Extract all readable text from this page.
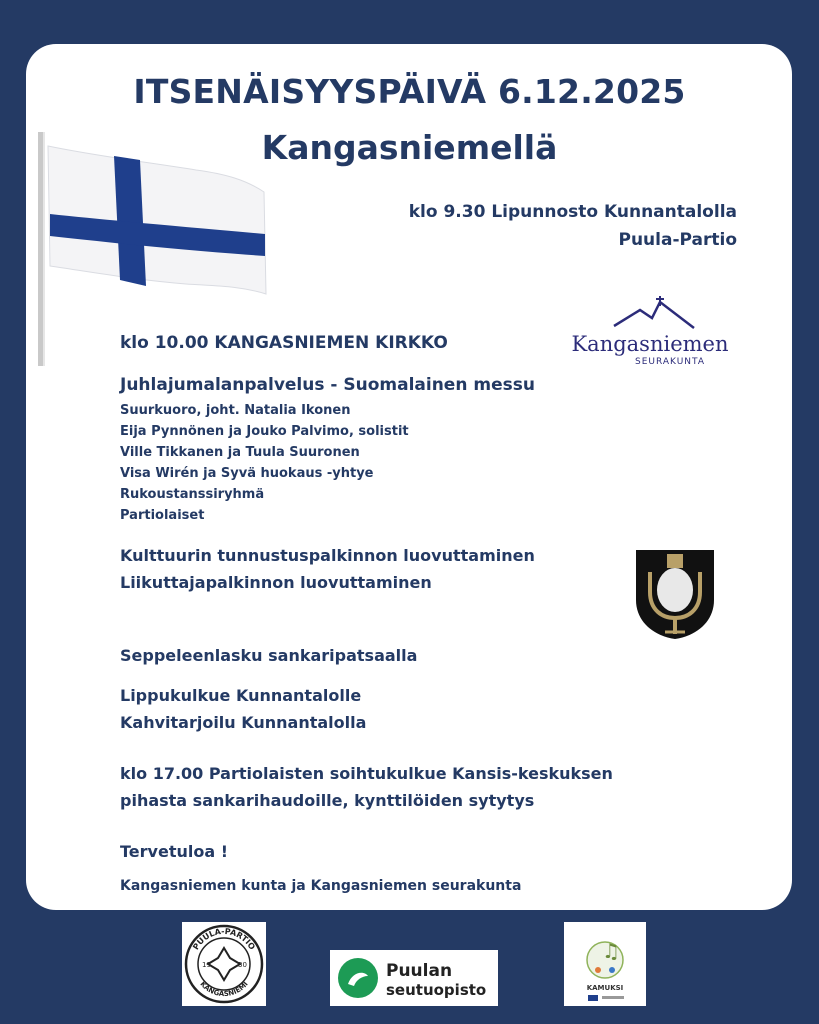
ITSENÄISYYSPÄIVÄ 6.12.2025
Kangasniemellä
klo 9.30 Lipunnosto Kunnantalolla
Puula-Partio
klo 10.00 KANGASNIEMEN KIRKKO	Kangasniemen
SEURAKUNTA
Juhlajumalanpalvelus - Suomalainen messu
Suurkuoro, joht. Natalia Ikonen
Eija Pynnönen ja Jouko Palvimo, solistit
Ville Tikkanen ja Tuula Suuronen
Visa Wirén ja Syvä huokaus -yhtye
Rukoustanssiryhmä
Partiolaiset
Kulttuurin tunnustuspalkinnon luovuttaminen
Liikuttajapalkinnon luovuttaminen
Seppeleenlasku sankaripatsaalla
Lippukulkue Kunnantalolle
Kahvitarjoilu Kunnantalolla
klo 17.00 Partiolaisten soihtukulkue Kansis-keskuksen
pihasta sankarihaudoille, kynttilöiden sytytys
Tervetuloa !
Kangasniemen kunta ja Kangasniemen seurakunta
PUULA-PARTIO
KANGASNIEMI
19	30	Puulan
seutuopisto
♫
KAMUKSI
